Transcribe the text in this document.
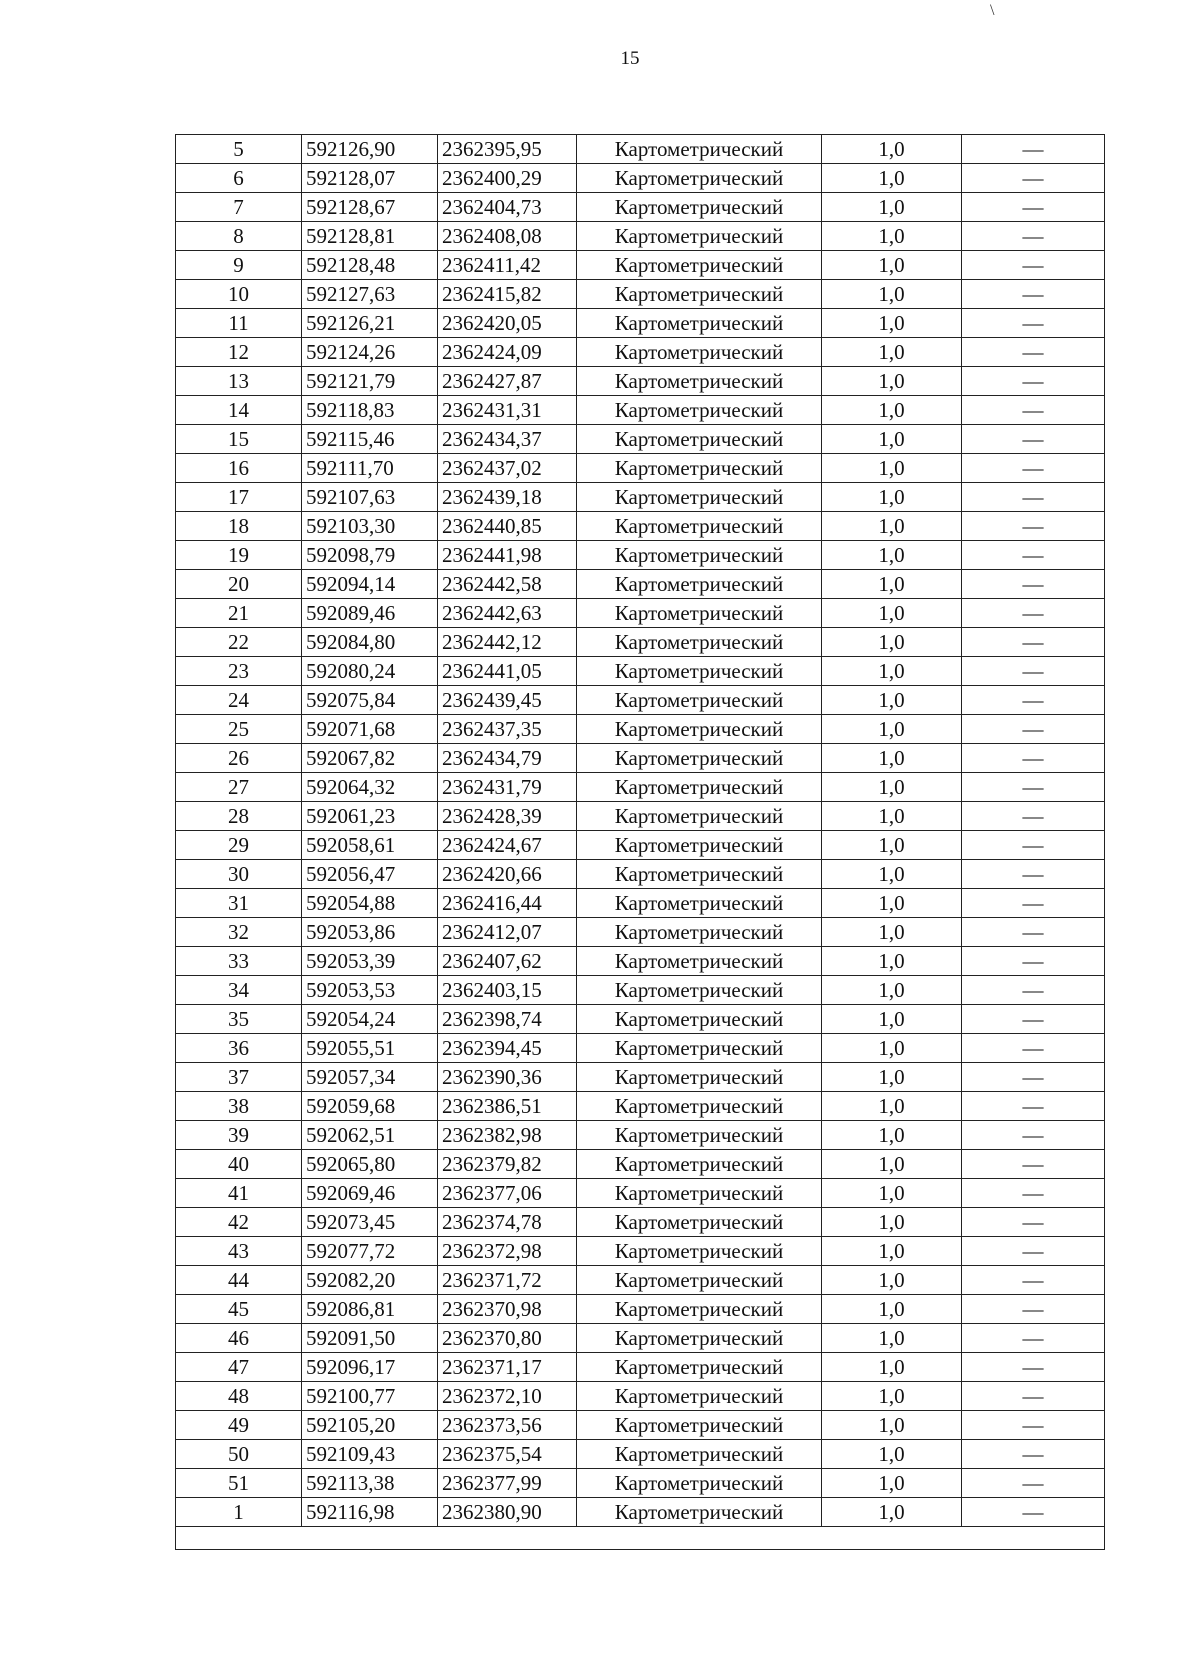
\
15
5	592126,90	2362395,95	Картометрический	1,0	—
6	592128,07	2362400,29	Картометрический	1,0	—
7	592128,67	2362404,73	Картометрический	1,0	—
8	592128,81	2362408,08	Картометрический	1,0	—
9	592128,48	2362411,42	Картометрический	1,0	—
10	592127,63	2362415,82	Картометрический	1,0	—
11	592126,21	2362420,05	Картометрический	1,0	—
12	592124,26	2362424,09	Картометрический	1,0	—
13	592121,79	2362427,87	Картометрический	1,0	—
14	592118,83	2362431,31	Картометрический	1,0	—
15	592115,46	2362434,37	Картометрический	1,0	—
16	592111,70	2362437,02	Картометрический	1,0	—
17	592107,63	2362439,18	Картометрический	1,0	—
18	592103,30	2362440,85	Картометрический	1,0	—
19	592098,79	2362441,98	Картометрический	1,0	—
20	592094,14	2362442,58	Картометрический	1,0	—
21	592089,46	2362442,63	Картометрический	1,0	—
22	592084,80	2362442,12	Картометрический	1,0	—
23	592080,24	2362441,05	Картометрический	1,0	—
24	592075,84	2362439,45	Картометрический	1,0	—
25	592071,68	2362437,35	Картометрический	1,0	—
26	592067,82	2362434,79	Картометрический	1,0	—
27	592064,32	2362431,79	Картометрический	1,0	—
28	592061,23	2362428,39	Картометрический	1,0	—
29	592058,61	2362424,67	Картометрический	1,0	—
30	592056,47	2362420,66	Картометрический	1,0	—
31	592054,88	2362416,44	Картометрический	1,0	—
32	592053,86	2362412,07	Картометрический	1,0	—
33	592053,39	2362407,62	Картометрический	1,0	—
34	592053,53	2362403,15	Картометрический	1,0	—
35	592054,24	2362398,74	Картометрический	1,0	—
36	592055,51	2362394,45	Картометрический	1,0	—
37	592057,34	2362390,36	Картометрический	1,0	—
38	592059,68	2362386,51	Картометрический	1,0	—
39	592062,51	2362382,98	Картометрический	1,0	—
40	592065,80	2362379,82	Картометрический	1,0	—
41	592069,46	2362377,06	Картометрический	1,0	—
42	592073,45	2362374,78	Картометрический	1,0	—
43	592077,72	2362372,98	Картометрический	1,0	—
44	592082,20	2362371,72	Картометрический	1,0	—
45	592086,81	2362370,98	Картометрический	1,0	—
46	592091,50	2362370,80	Картометрический	1,0	—
47	592096,17	2362371,17	Картометрический	1,0	—
48	592100,77	2362372,10	Картометрический	1,0	—
49	592105,20	2362373,56	Картометрический	1,0	—
50	592109,43	2362375,54	Картометрический	1,0	—
51	592113,38	2362377,99	Картометрический	1,0	—
1	592116,98	2362380,90	Картометрический	1,0	—
